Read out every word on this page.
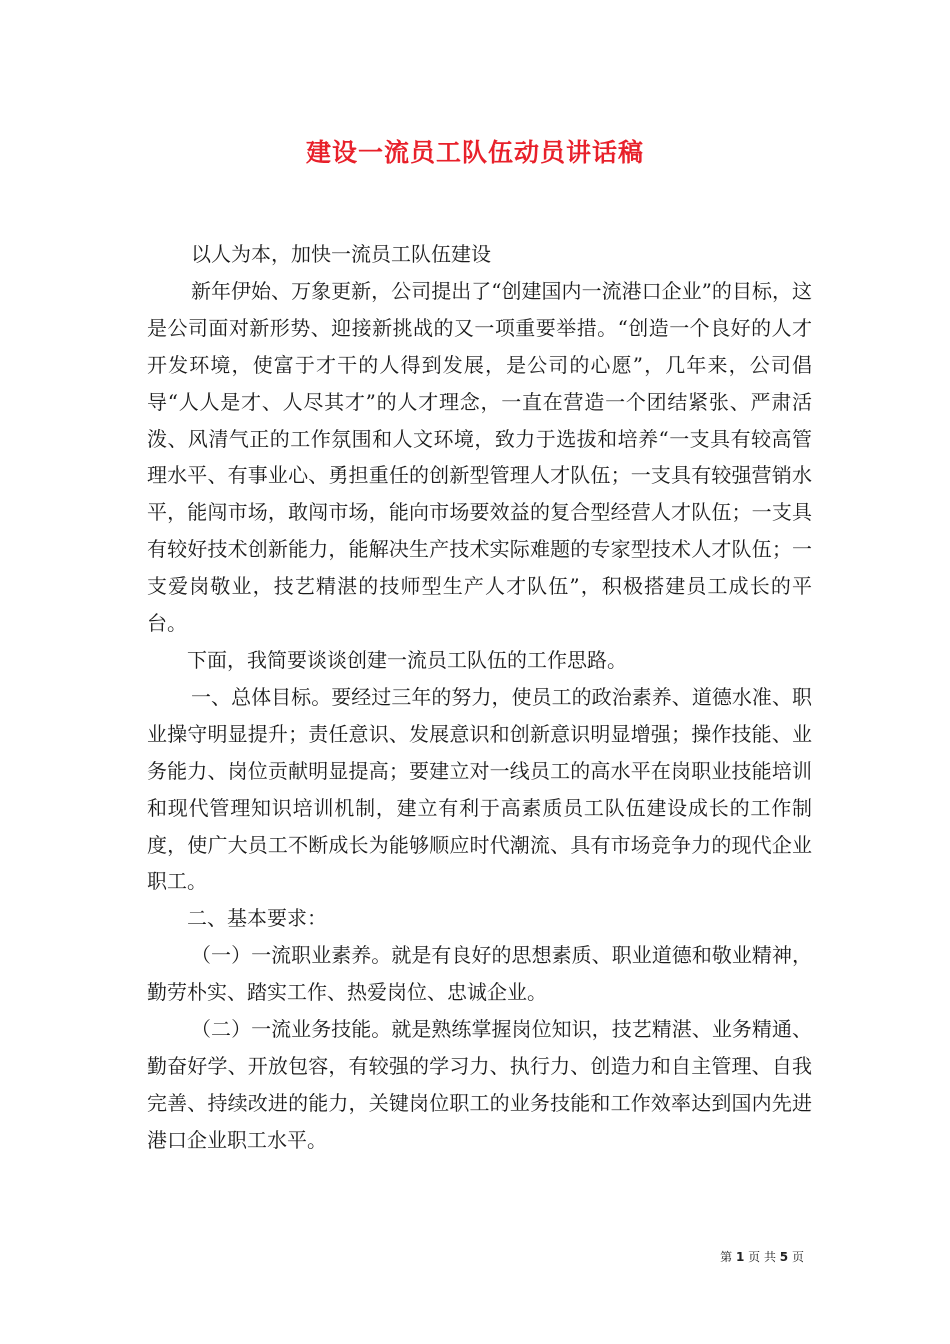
建设一流员工队伍动员讲话稿

以人为本，加快一流员工队伍建设

新年伊始、万象更新，公司提出了“创建国内一流港口企业”的目标，这是公司面对新形势、迎接新挑战的又一项重要举措。“创造一个良好的人才开发环境，使富于才干的人得到发展，是公司的心愿”，几年来，公司倡导“人人是才、人尽其才”的人才理念，一直在营造一个团结紧张、严肃活泼、风清气正的工作氛围和人文环境，致力于选拔和培养“一支具有较高管理水平、有事业心、勇担重任的创新型管理人才队伍；一支具有较强营销水平，能闯市场，敢闯市场，能向市场要效益的复合型经营人才队伍；一支具有较好技术创新能力，能解决生产技术实际难题的专家型技术人才队伍；一支爱岗敬业，技艺精湛的技师型生产人才队伍”，积极搭建员工成长的平台。

下面，我简要谈谈创建一流员工队伍的工作思路。

一、总体目标。要经过三年的努力，使员工的政治素养、道德水准、职业操守明显提升；责任意识、发展意识和创新意识明显增强；操作技能、业务能力、岗位贡献明显提高；要建立对一线员工的高水平在岗职业技能培训和现代管理知识培训机制，建立有利于高素质员工队伍建设成长的工作制度，使广大员工不断成长为能够顺应时代潮流、具有市场竞争力的现代企业职工。

二、基本要求：

（一）一流职业素养。就是有良好的思想素质、职业道德和敬业精神，勤劳朴实、踏实工作、热爱岗位、忠诚企业。

（二）一流业务技能。就是熟练掌握岗位知识，技艺精湛、业务精通、勤奋好学、开放包容，有较强的学习力、执行力、创造力和自主管理、自我完善、持续改进的能力，关键岗位职工的业务技能和工作效率达到国内先进港口企业职工水平。

第 1 页 共 5 页
